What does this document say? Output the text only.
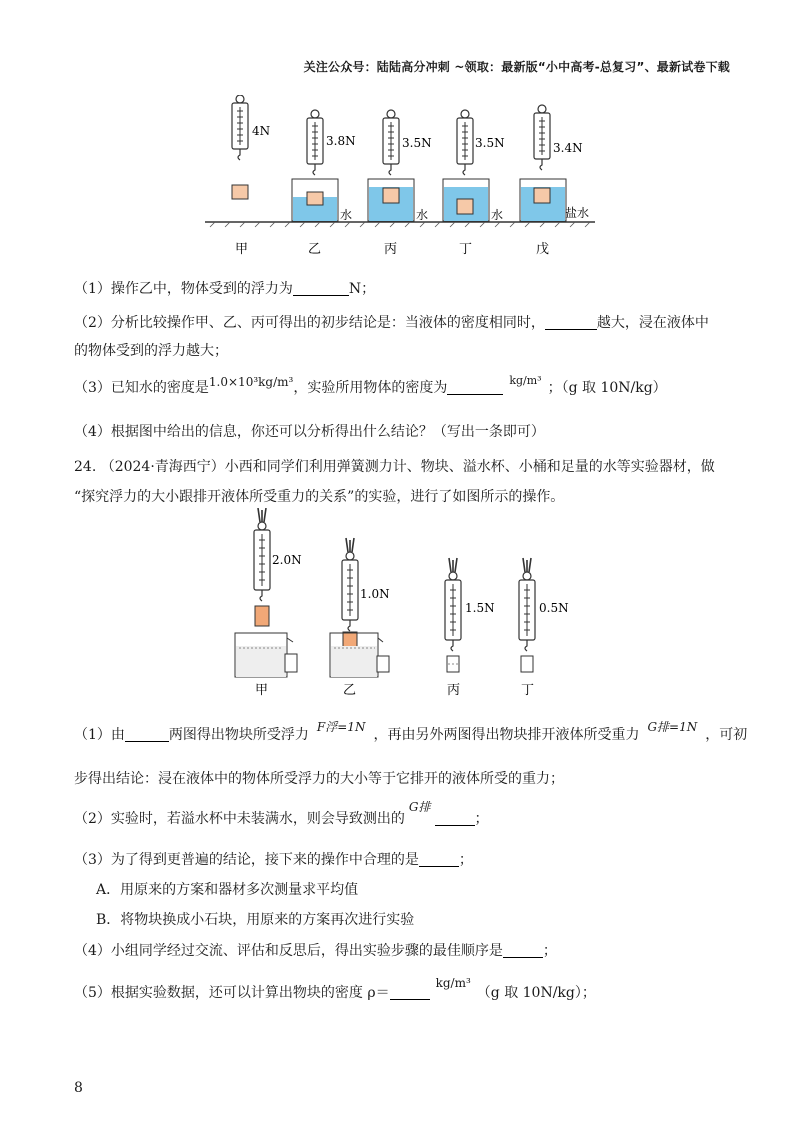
关注公众号：陆陆高分冲刺 ~领取：最新版“小中高考-总复习”、最新试卷下载
4N
3.8N	3.5N	3.5N	3.4N
水	水	水	盐水
甲	乙	丙	丁	戊
（1）操作乙中，物体受到的浮力为	N；
（2）分析比较操作甲、乙、丙可得出的初步结论是：当液体的密度相同时，	越大，浸在液体中
的物体受到的浮力越大；
（3）已知水的密度是1.0×10³kg/m³，实验所用物体的密度为	$^{kg/m^3}$ ；（g 取 10N/kg）
（4）根据图中给出的信息，你还可以分析得出什么结论？（写出一条即可）
24. （2024·青海西宁）小西和同学们利用弹簧测力计、物块、溢水杯、小桶和足量的水等实验器材，做
“探究浮力的大小跟排开液体所受重力的关系”的实验，进行了如图所示的操作。
2.0N
甲
1.0N
乙
1.5N
丙
0.5N
丁
（1）由	两图得出物块所受浮力 F浮=1N ，再由另外两图得出物块排开液体所受重力 G排=1N ，可初
步得出结论：浸在液体中的物体所受浮力的大小等于它排开的液体所受的重力；
（2）实验时，若溢水杯中未装满水，则会导致测出的G排；
（3）为了得到更普遍的结论，接下来的操作中合理的是	；
A．用原来的方案和器材多次测量求平均值
B．将物块换成小石块，用原来的方案再次进行实验
（4）小组同学经过交流、评估和反思后，得出实验步骤的最佳顺序是	；
（5）根据实验数据，还可以计算出物块的密度 ρ＝kg/m³（g 取 10N/kg）；
8
